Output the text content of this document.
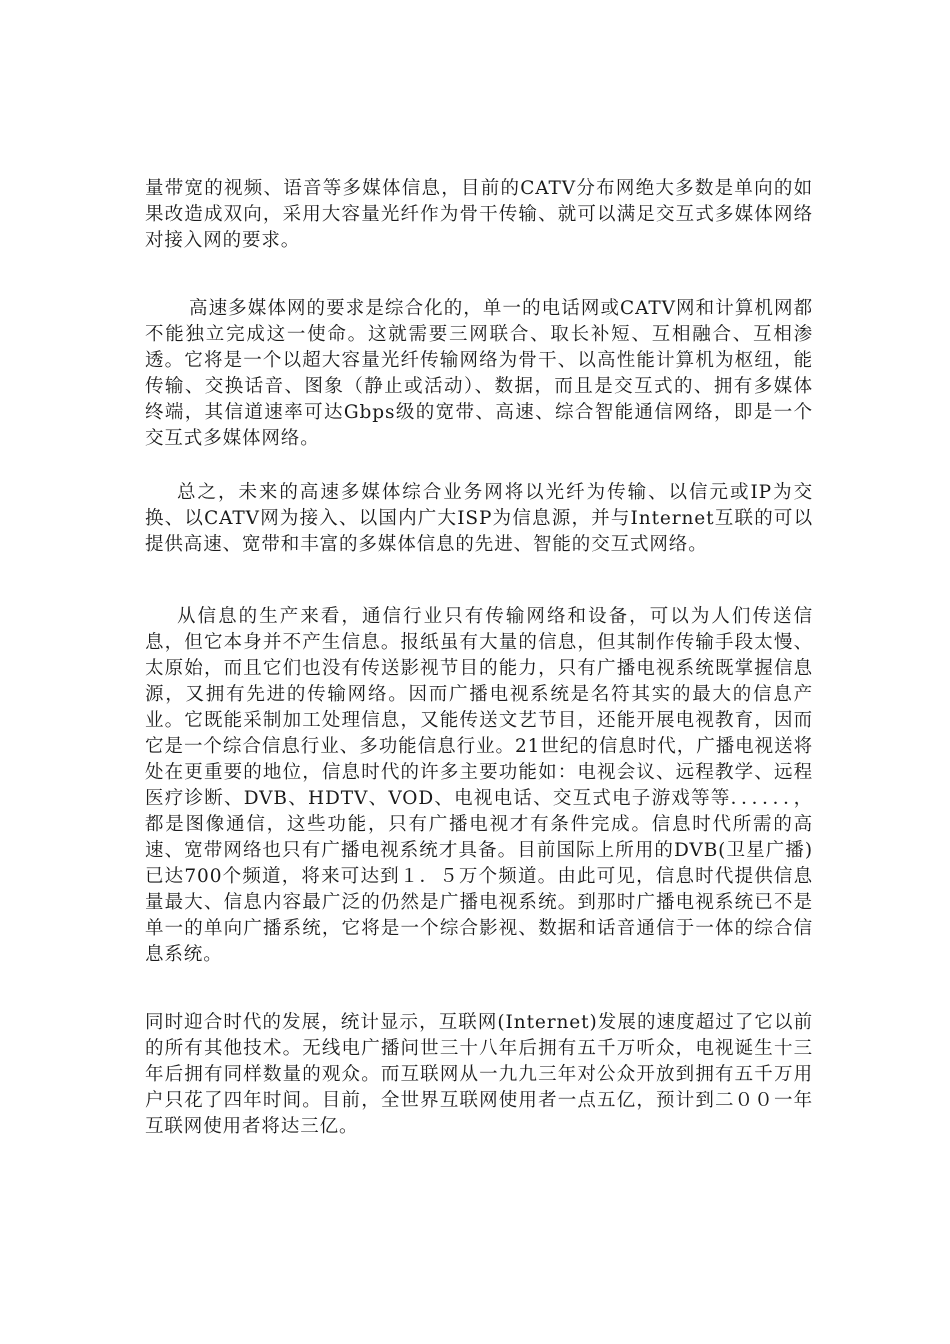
量带宽的视频、语音等多媒体信息，目前的CATV分布网绝大多数是单向的如果改造成双向，采用大容量光纤作为骨干传输、就可以满足交互式多媒体网络对接入网的要求。

高速多媒体网的要求是综合化的，单一的电话网或CATV网和计算机网都不能独立完成这一使命。这就需要三网联合、取长补短、互相融合、互相渗透。它将是一个以超大容量光纤传输网络为骨干、以高性能计算机为枢纽，能传输、交换话音、图象（静止或活动）、数据，而且是交互式的、拥有多媒体终端，其信道速率可达Gbps级的宽带、高速、综合智能通信网络，即是一个交互式多媒体网络。

总之，未来的高速多媒体综合业务网将以光纤为传输、以信元或IP为交换、以CATV网为接入、以国内广大ISP为信息源，并与Internet互联的可以提供高速、宽带和丰富的多媒体信息的先进、智能的交互式网络。

从信息的生产来看，通信行业只有传输网络和设备，可以为人们传送信息，但它本身并不产生信息。报纸虽有大量的信息，但其制作传输手段太慢、太原始，而且它们也没有传送影视节目的能力，只有广播电视系统既掌握信息源，又拥有先进的传输网络。因而广播电视系统是名符其实的最大的信息产业。它既能采制加工处理信息，又能传送文艺节目，还能开展电视教育，因而它是一个综合信息行业、多功能信息行业。21世纪的信息时代，广播电视送将处在更重要的地位，信息时代的许多主要功能如：电视会议、远程教学、远程医疗诊断、DVB、HDTV、VOD、电视电话、交互式电子游戏等等．．．．．．，都是图像通信，这些功能，只有广播电视才有条件完成。信息时代所需的高速、宽带网络也只有广播电视系统才具备。目前国际上所用的DVB(卫星广播)已达700个频道，将来可达到１．５万个频道。由此可见，信息时代提供信息量最大、信息内容最广泛的仍然是广播电视系统。到那时广播电视系统已不是单一的单向广播系统，它将是一个综合影视、数据和话音通信于一体的综合信息系统。

同时迎合时代的发展，统计显示，互联网(Internet)发展的速度超过了它以前的所有其他技术。无线电广播问世三十八年后拥有五千万听众，电视诞生十三年后拥有同样数量的观众。而互联网从一九九三年对公众开放到拥有五千万用户只花了四年时间。目前，全世界互联网使用者一点五亿，预计到二００一年互联网使用者将达三亿。
